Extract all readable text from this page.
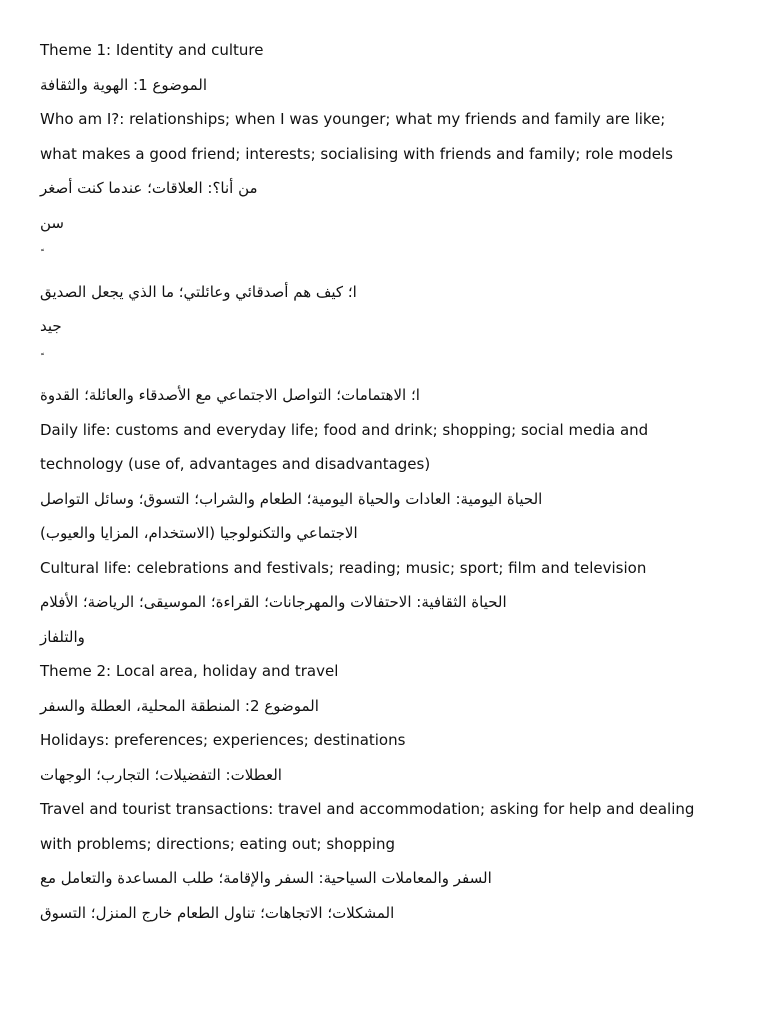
Theme 1: Identity and culture
الموضوع 1: الهوية والثقافة
Who am I?: relationships; when I was younger; what my friends and family are like;
what makes a good friend; interests; socialising with friends and family; role models
من أنا؟: العلاقات؛ عندما كنت أصغر
سن
ا؛ كيف هم أصدقائي وعائلتي؛ ما الذي يجعل الصديق
جيد
ا؛ الاهتمامات؛ التواصل الاجتماعي مع الأصدقاء والعائلة؛ القدوة
Daily life: customs and everyday life; food and drink; shopping; social media and
technology (use of, advantages and disadvantages)
الحياة اليومية: العادات والحياة اليومية؛ الطعام والشراب؛ التسوق؛ وسائل التواصل
الاجتماعي والتكنولوجيا (الاستخدام، المزايا والعيوب)
Cultural life: celebrations and festivals; reading; music; sport; film and television
الحياة الثقافية: الاحتفالات والمهرجانات؛ القراءة؛ الموسيقى؛ الرياضة؛ الأفلام
والتلفاز
Theme 2: Local area, holiday and travel
الموضوع 2: المنطقة المحلية، العطلة والسفر
Holidays: preferences; experiences; destinations
العطلات: التفضيلات؛ التجارب؛ الوجهات
Travel and tourist transactions: travel and accommodation; asking for help and dealing
with problems; directions; eating out; shopping
السفر والمعاملات السياحية: السفر والإقامة؛ طلب المساعدة والتعامل مع
المشكلات؛ الاتجاهات؛ تناول الطعام خارج المنزل؛ التسوق
